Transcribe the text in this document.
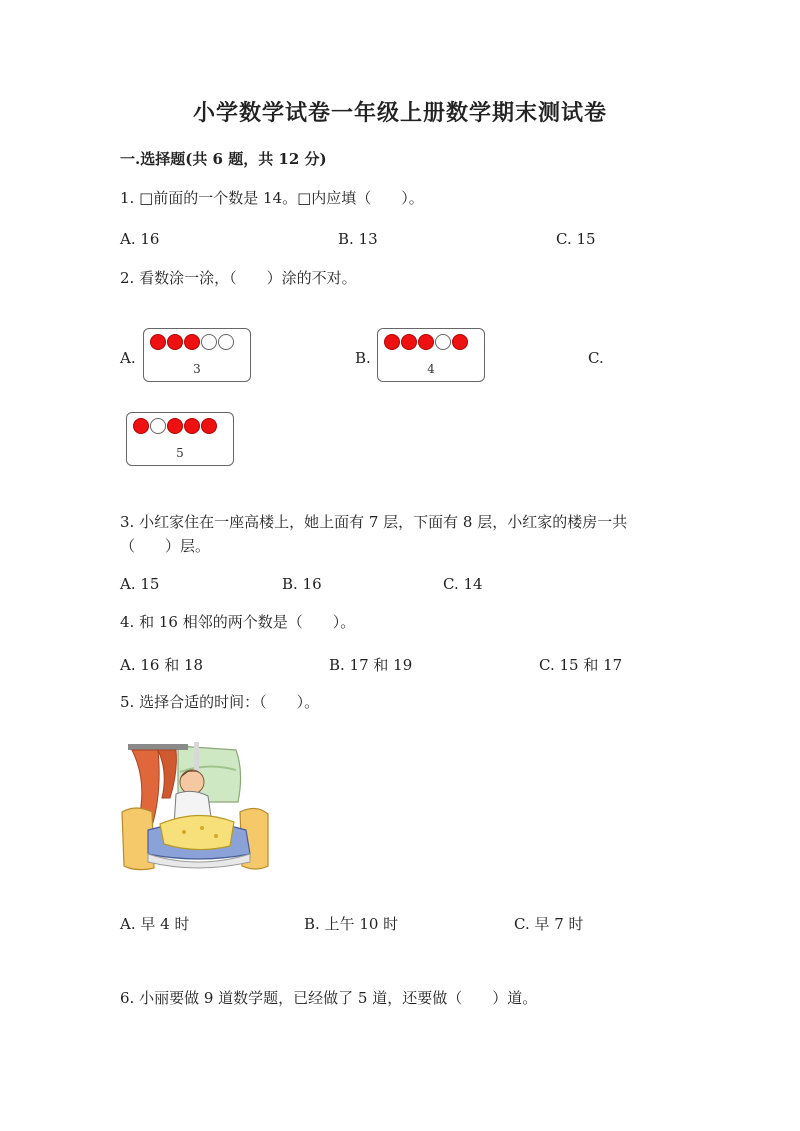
小学数学试卷一年级上册数学期末测试卷
一.选择题(共 6 题，共 12 分)
1. □前面的一个数是 14。□内应填（　　）。
A. 16	B. 13	C. 15
2. 看数涂一涂，（　　）涂的不对。
A.	B.	C.
3	4
5
3. 小红家住在一座高楼上，她上面有 7 层，下面有 8 层，小红家的楼房一共
（　　）层。
A. 15	B. 16	C. 14
4. 和 16 相邻的两个数是（　　）。
A. 16 和 18	B. 17 和 19	C. 15 和 17
5. 选择合适的时间：（　　）。
A. 早 4 时	B. 上午 10 时	C. 早 7 时
6. 小丽要做 9 道数学题，已经做了 5 道，还要做（　　）道。
